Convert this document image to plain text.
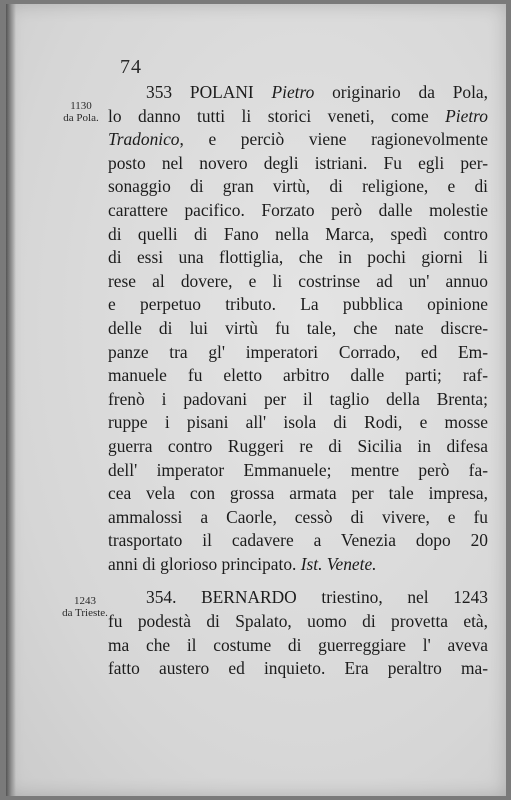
74
1130
da Pola.
1243
da Trieste.
353 POLANI Pietro originario da Pola,
lo danno tutti li storici veneti, come Pietro
Tradonico, e perciò viene ragionevolmente
posto nel novero degli istriani. Fu egli per-
sonaggio di gran virtù, di religione, e di
carattere pacifico. Forzato però dalle molestie
di quelli di Fano nella Marca, spedì contro
di essi una flottiglia, che in pochi giorni li
rese al dovere, e li costrinse ad un' annuo
e perpetuo tributo. La pubblica opinione
delle di lui virtù fu tale, che nate discre-
panze tra gl' imperatori Corrado, ed Em-
manuele fu eletto arbitro dalle parti; raf-
frenò i padovani per il taglio della Brenta;
ruppe i pisani all' isola di Rodi, e mosse
guerra contro Ruggeri re di Sicilia in difesa
dell' imperator Emmanuele; mentre però fa-
cea vela con grossa armata per tale impresa,
ammalossi a Caorle, cessò di vivere, e fu
trasportato il cadavere a Venezia dopo 20
anni di glorioso principato. Ist. Venete.
354. BERNARDO triestino, nel 1243
fu podestà di Spalato, uomo di provetta età,
ma che il costume di guerreggiare l' aveva
fatto austero ed inquieto. Era peraltro ma-
